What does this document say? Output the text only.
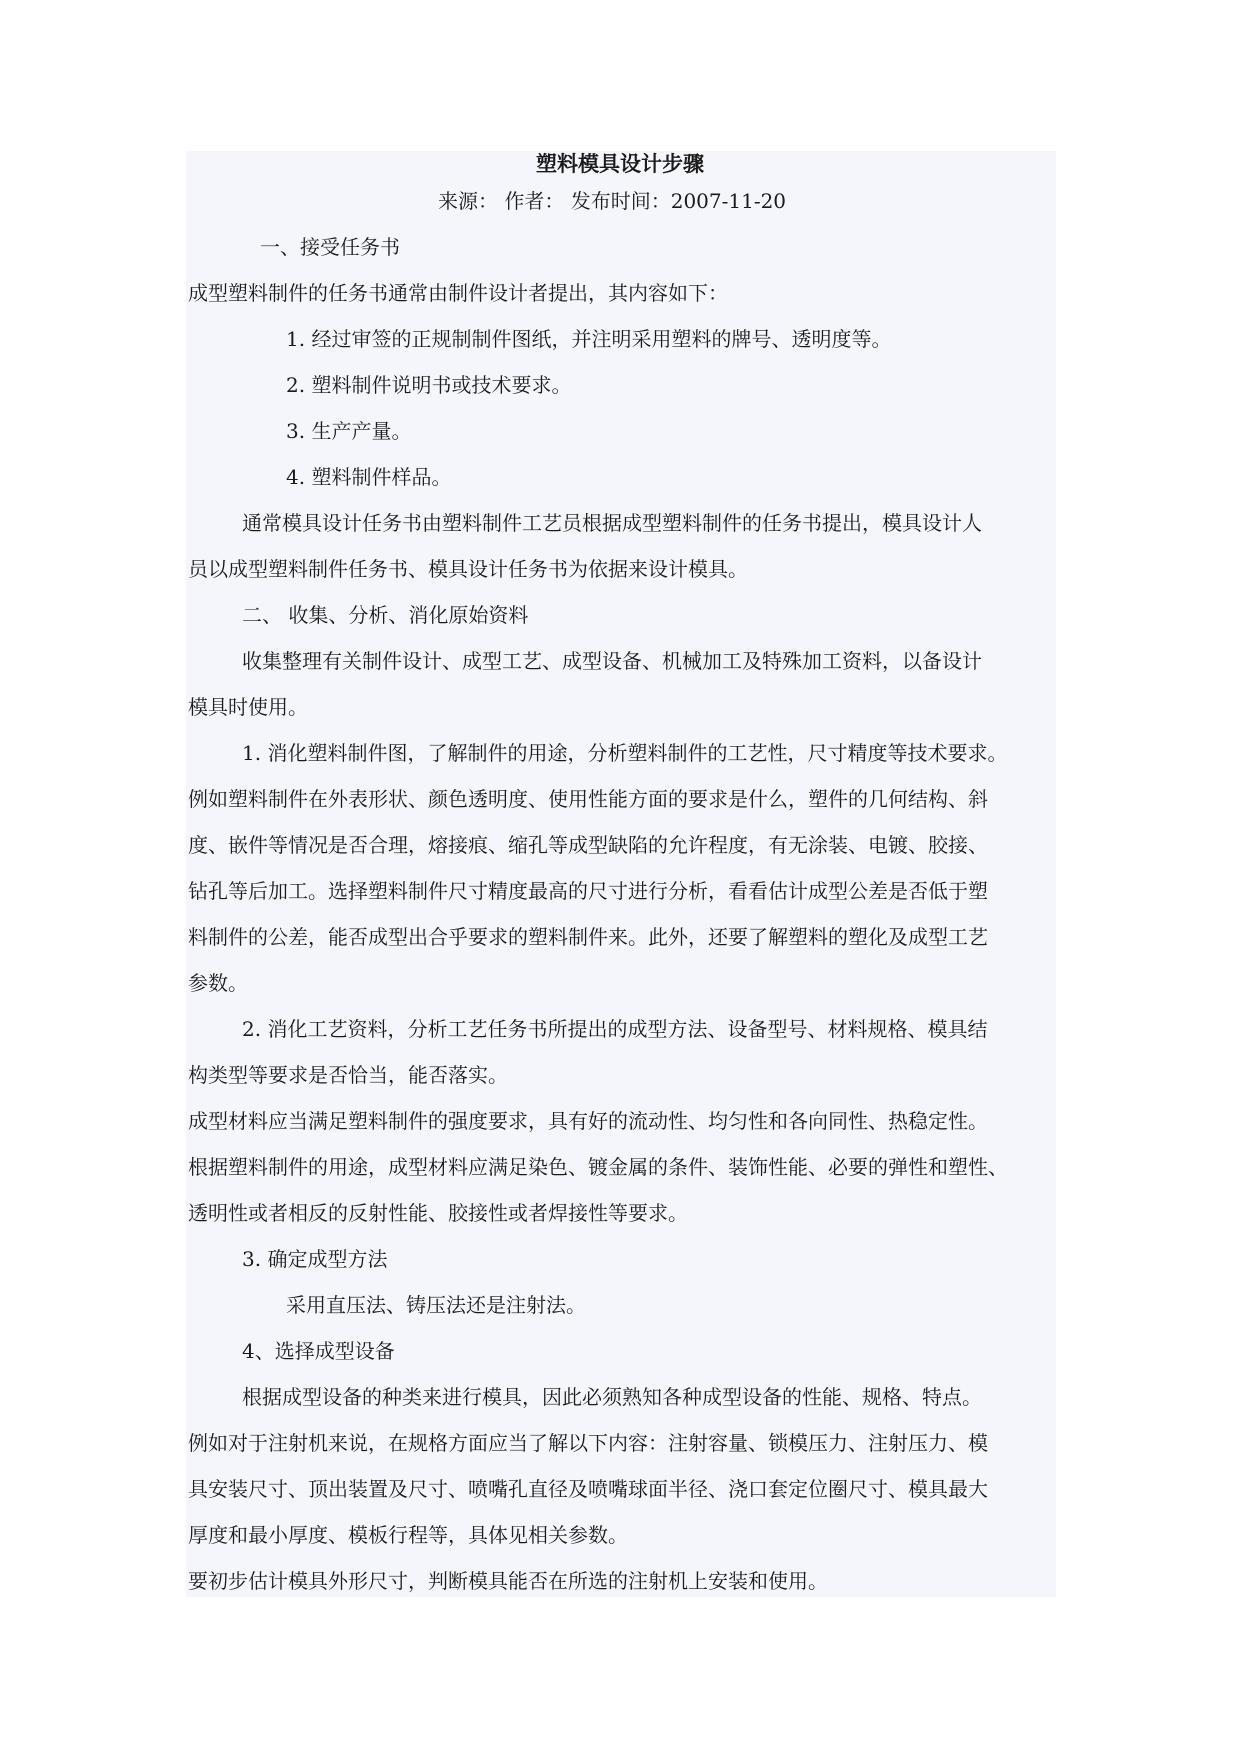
塑料模具设计步骤
来源： 作者： 发布时间：2007-11-20
一、接受任务书
成型塑料制件的任务书通常由制件设计者提出，其内容如下：
1. 经过审签的正规制制件图纸，并注明采用塑料的牌号、透明度等。
2. 塑料制件说明书或技术要求。
3. 生产产量。
4. 塑料制件样品。
通常模具设计任务书由塑料制件工艺员根据成型塑料制件的任务书提出，模具设计人
员以成型塑料制件任务书、模具设计任务书为依据来设计模具。
二、 收集、分析、消化原始资料
收集整理有关制件设计、成型工艺、成型设备、机械加工及特殊加工资料，以备设计
模具时使用。
1. 消化塑料制件图，了解制件的用途，分析塑料制件的工艺性，尺寸精度等技术要求。
例如塑料制件在外表形状、颜色透明度、使用性能方面的要求是什么，塑件的几何结构、斜
度、嵌件等情况是否合理，熔接痕、缩孔等成型缺陷的允许程度，有无涂装、电镀、胶接、
钻孔等后加工。选择塑料制件尺寸精度最高的尺寸进行分析，看看估计成型公差是否低于塑
料制件的公差，能否成型出合乎要求的塑料制件来。此外，还要了解塑料的塑化及成型工艺
参数。
2. 消化工艺资料，分析工艺任务书所提出的成型方法、设备型号、材料规格、模具结
构类型等要求是否恰当，能否落实。
成型材料应当满足塑料制件的强度要求，具有好的流动性、均匀性和各向同性、热稳定性。
根据塑料制件的用途，成型材料应满足染色、镀金属的条件、装饰性能、必要的弹性和塑性、
透明性或者相反的反射性能、胶接性或者焊接性等要求。
3. 确定成型方法
采用直压法、铸压法还是注射法。
4、选择成型设备
根据成型设备的种类来进行模具，因此必须熟知各种成型设备的性能、规格、特点。
例如对于注射机来说，在规格方面应当了解以下内容：注射容量、锁模压力、注射压力、模
具安装尺寸、顶出装置及尺寸、喷嘴孔直径及喷嘴球面半径、浇口套定位圈尺寸、模具最大
厚度和最小厚度、模板行程等，具体见相关参数。
要初步估计模具外形尺寸，判断模具能否在所选的注射机上安装和使用。
